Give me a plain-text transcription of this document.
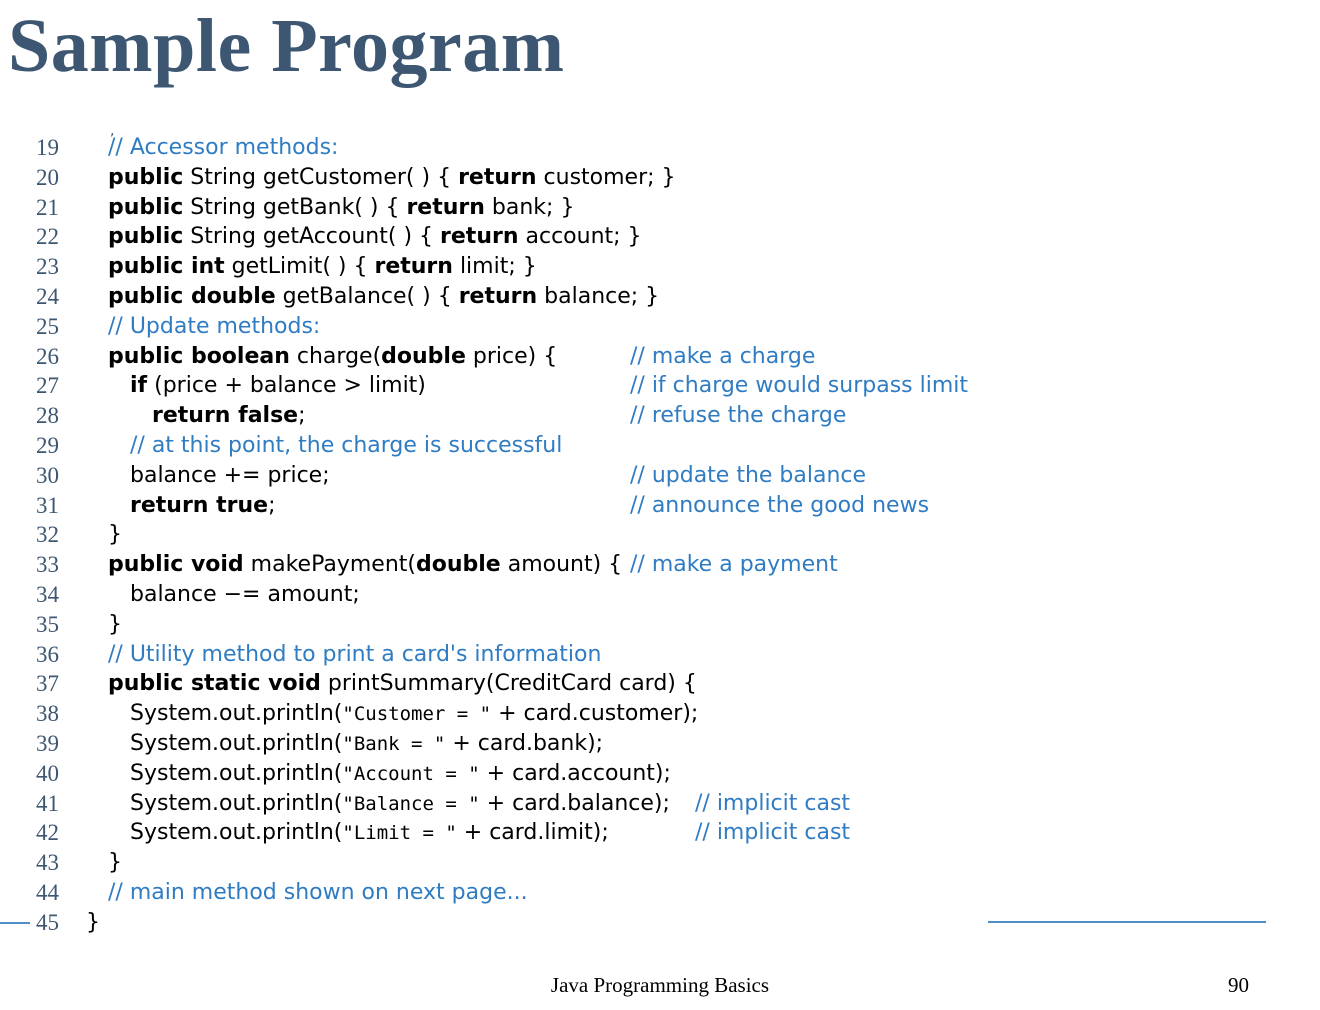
Sample Program
,
19	// Accessor methods:
20	public String getCustomer( ) { return customer; }
21	public String getBank( ) { return bank; }
22	public String getAccount( ) { return account; }
23	public int getLimit( ) { return limit; }
24	public double getBalance( ) { return balance; }
25	// Update methods:
26	public boolean charge(double price) {	// make a charge
27	if (price + balance > limit)	// if charge would surpass limit
28	return false;	// refuse the charge
29	// at this point, the charge is successful
30	balance += price;	// update the balance
31	return true;	// announce the good news
32	}
33	public void makePayment(double amount) { // make a payment
34	balance −= amount;
35	}
36	// Utility method to print a card's information
37	public static void printSummary(CreditCard card) {
38	System.out.println("Customer = " + card.customer);
39	System.out.println("Bank = " + card.bank);
40	System.out.println("Account = " + card.account);
41	System.out.println("Balance = " + card.balance); // implicit cast
42	System.out.println("Limit = " + card.limit);	// implicit cast
43	}
44	// main method shown on next page...
45	}
Java Programming Basics	90
